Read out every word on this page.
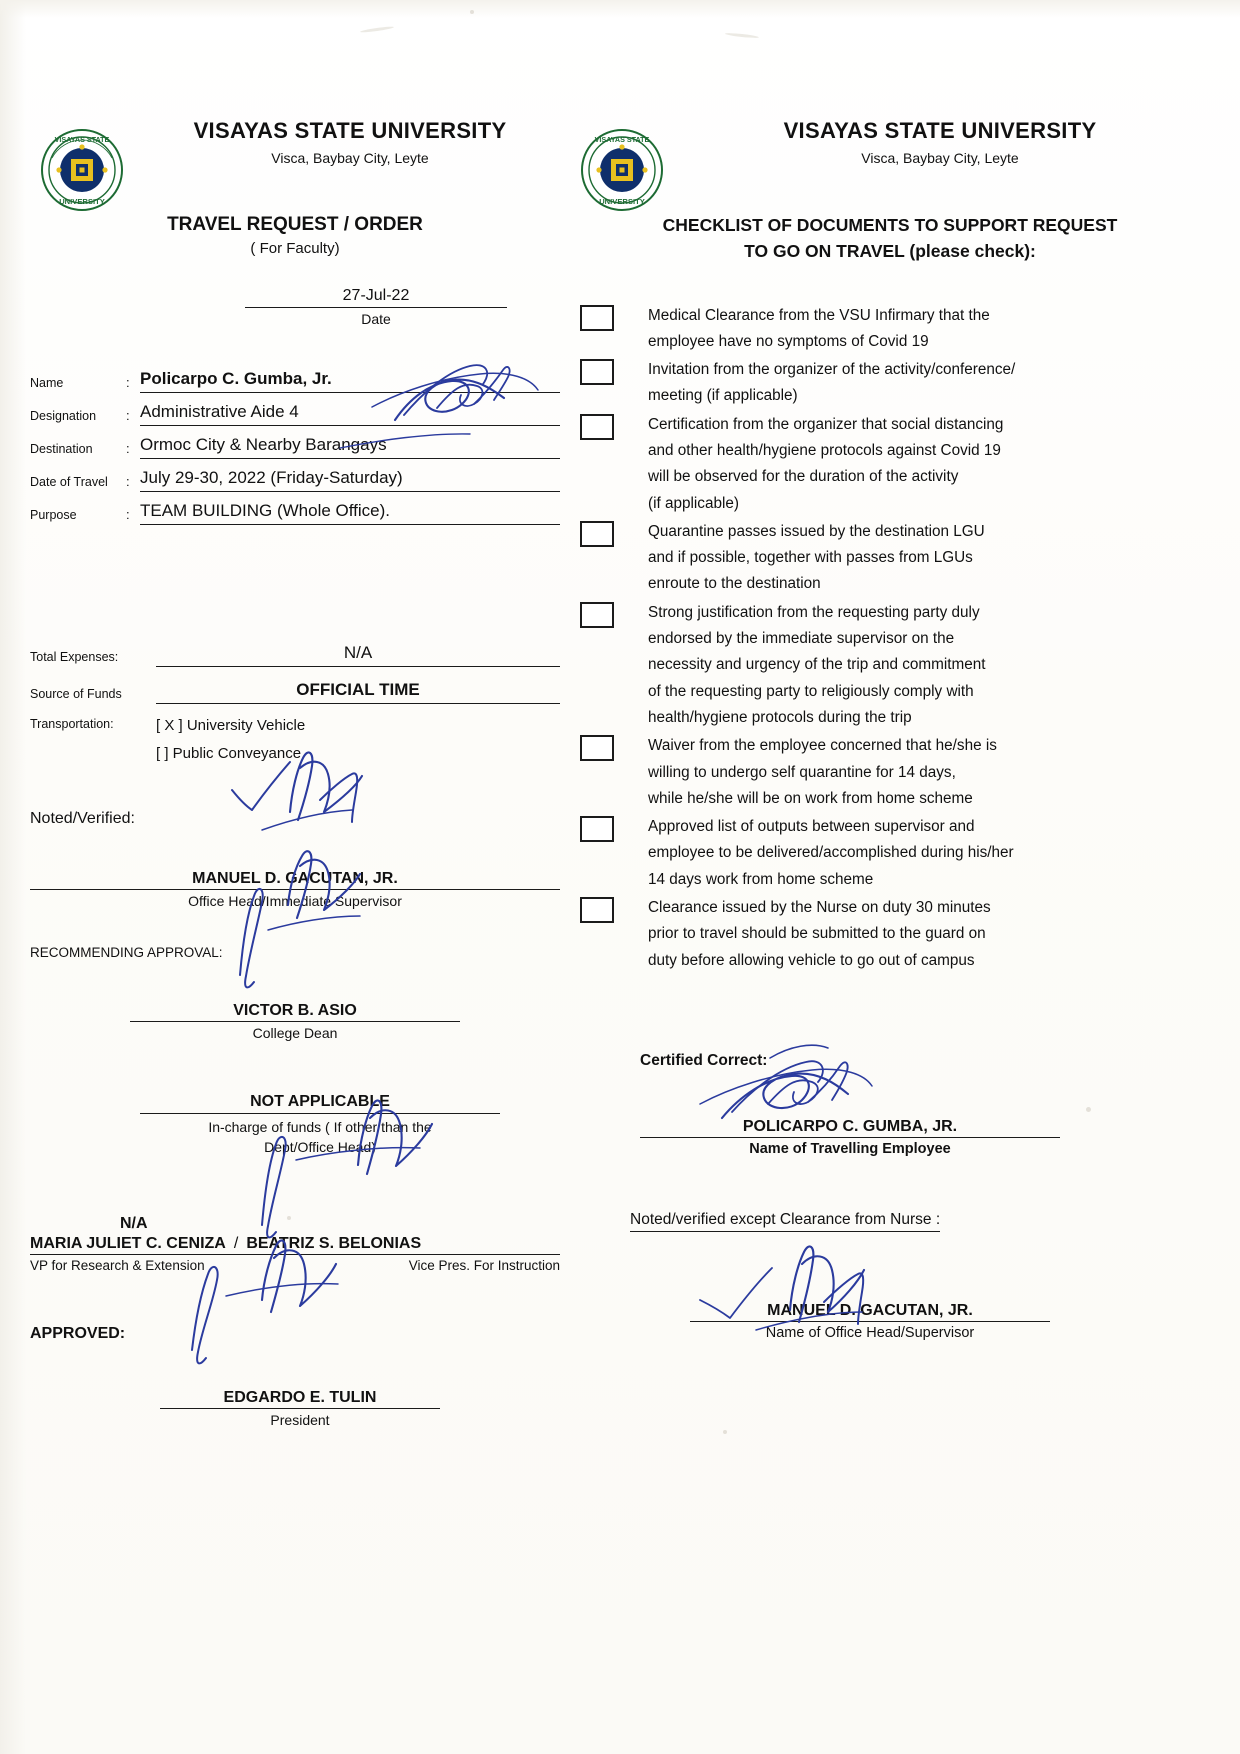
VISAYAS STATE
UNIVERSITY
VISAYAS STATE UNIVERSITY
Visca, Baybay City, Leyte
TRAVEL REQUEST / ORDER
( For Faculty)
27-Jul-22
Date
Name	: Policarpo C. Gumba, Jr.
Designation	: Administrative Aide 4
Destination	: Ormoc City & Nearby Barangays
Date of Travel	: July 29-30, 2022 (Friday-Saturday)
Purpose	: TEAM BUILDING (Whole Office).
Total Expenses:	N/A
Source of Funds	OFFICIAL TIME
Transportation:	[ X ] University Vehicle
[ ] Public Conveyance
Noted/Verified:
MANUEL D. GACUTAN, JR.
Office Head/Immediate Supervisor
RECOMMENDING APPROVAL:
VICTOR B. ASIO
College Dean
NOT APPLICABLE
In-charge of funds ( If other than the
Dept/Office Head)
N/A
MARIA JULIET C. CENIZA / BEATRIZ S. BELONIAS
VP for Research & Extension	Vice Pres. For Instruction
APPROVED:
EDGARDO E. TULIN
President
VISAYAS STATE
UNIVERSITY
VISAYAS STATE UNIVERSITY
Visca, Baybay City, Leyte
CHECKLIST OF DOCUMENTS TO SUPPORT REQUEST
TO GO ON TRAVEL (please check):
Medical Clearance from the VSU Infirmary that the
employee have no symptoms of Covid 19
Invitation from the organizer of the activity/conference/
meeting (if applicable)
Certification from the organizer that social distancing
and other health/hygiene protocols against Covid 19
will be observed for the duration of the activity
(if applicable)
Quarantine passes issued by the destination LGU
and if possible, together with passes from LGUs
enroute to the destination
Strong justification from the requesting party duly
endorsed by the immediate supervisor on the
necessity and urgency of the trip and commitment
of the requesting party to religiously comply with
health/hygiene protocols during the trip
Waiver from the employee concerned that he/she is
willing to undergo self quarantine for 14 days,
while he/she will be on work from home scheme
Approved list of outputs between supervisor and
employee to be delivered/accomplished during his/her
14 days work from home scheme
Clearance issued by the Nurse on duty 30 minutes
prior to travel should be submitted to the guard on
duty before allowing vehicle to go out of campus
Certified Correct:
POLICARPO C. GUMBA, JR.
Name of Travelling Employee
Noted/verified except Clearance from Nurse :
MANUEL D. GACUTAN, JR.
Name of Office Head/Supervisor
